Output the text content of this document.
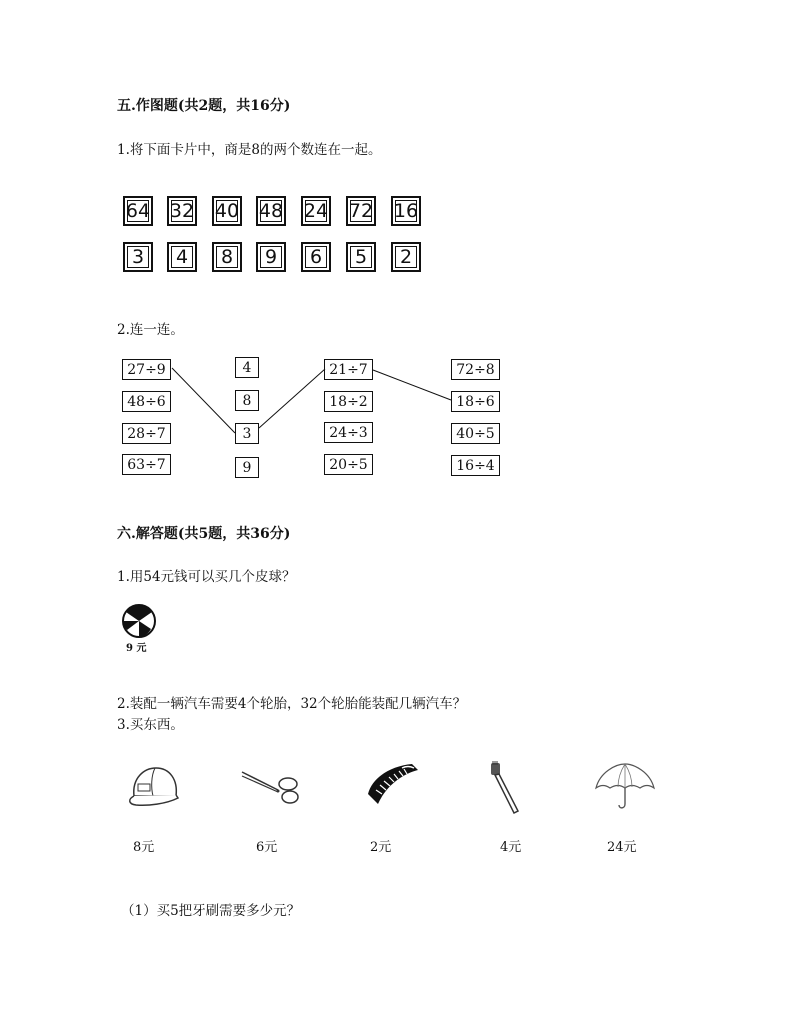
五.作图题(共2题，共16分)
1.将下面卡片中，商是8的两个数连在一起。
64 32 40 48 24 72 16
3	4	8	9	6	5	2
2.连一连。
27÷9
48÷6
28÷7
63÷7
4
8
3
9
21÷7
18÷2
24÷3
20÷5
72÷8
18÷6
40÷5
16÷4
六.解答题(共5题，共36分)
1.用54元钱可以买几个皮球？
9 元
2.装配一辆汽车需要4个轮胎，32个轮胎能装配几辆汽车？
3.买东西。
8元	6元	2元	4元	24元
（1）买5把牙刷需要多少元？
